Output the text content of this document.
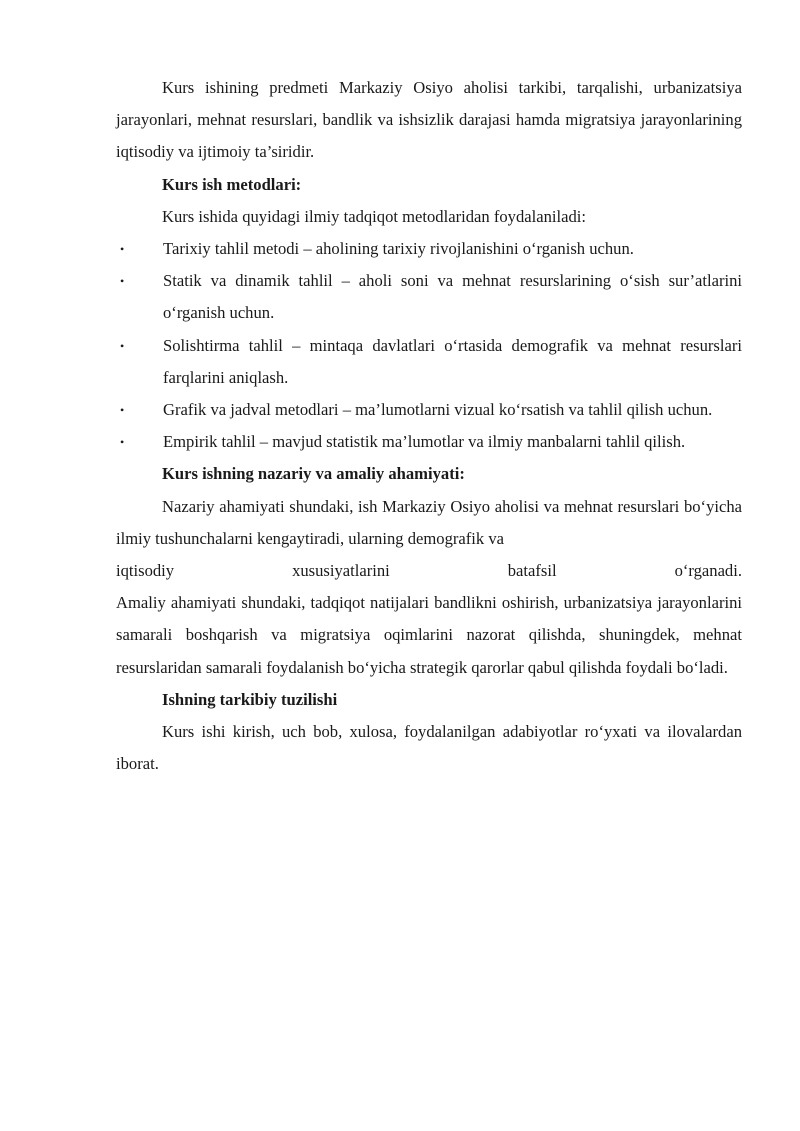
Kurs ishining predmeti Markaziy Osiyo aholisi tarkibi, tarqalishi, urbanizatsiya jarayonlari, mehnat resurslari, bandlik va ishsizlik darajasi hamda migratsiya jarayonlarining iqtisodiy va ijtimoiy ta’siridir.

Kurs ish metodlari:

Kurs ishida quyidagi ilmiy tadqiqot metodlaridan foydalaniladi:

• Tarixiy tahlil metodi – aholining tarixiy rivojlanishini o‘rganish uchun.
• Statik va dinamik tahlil – aholi soni va mehnat resurslarining o‘sish sur’atlarini o‘rganish uchun.
• Solishtirma tahlil – mintaqa davlatlari o‘rtasida demografik va mehnat resurslari farqlarini aniqlash.
• Grafik va jadval metodlari – ma’lumotlarni vizual ko‘rsatish va tahlil qilish uchun.
• Empirik tahlil – mavjud statistik ma’lumotlar va ilmiy manbalarni tahlil qilish.

Kurs ishning nazariy va amaliy ahamiyati:

Nazariy ahamiyati shundaki, ish Markaziy Osiyo aholisi va mehnat resurslari bo‘yicha ilmiy tushunchalarni kengaytiradi, ularning demografik va

iqtisodiy	xususiyatlarini	batafsil	o‘rganadi.

Amaliy ahamiyati shundaki, tadqiqot natijalari bandlikni oshirish, urbanizatsiya jarayonlarini samarali boshqarish va migratsiya oqimlarini nazorat qilishda, shuningdek, mehnat resurslaridan samarali foydalanish bo‘yicha strategik qarorlar qabul qilishda foydali bo‘ladi.

Ishning tarkibiy tuzilishi

Kurs ishi kirish, uch bob, xulosa, foydalanilgan adabiyotlar ro‘yxati va ilovalardan iborat.
